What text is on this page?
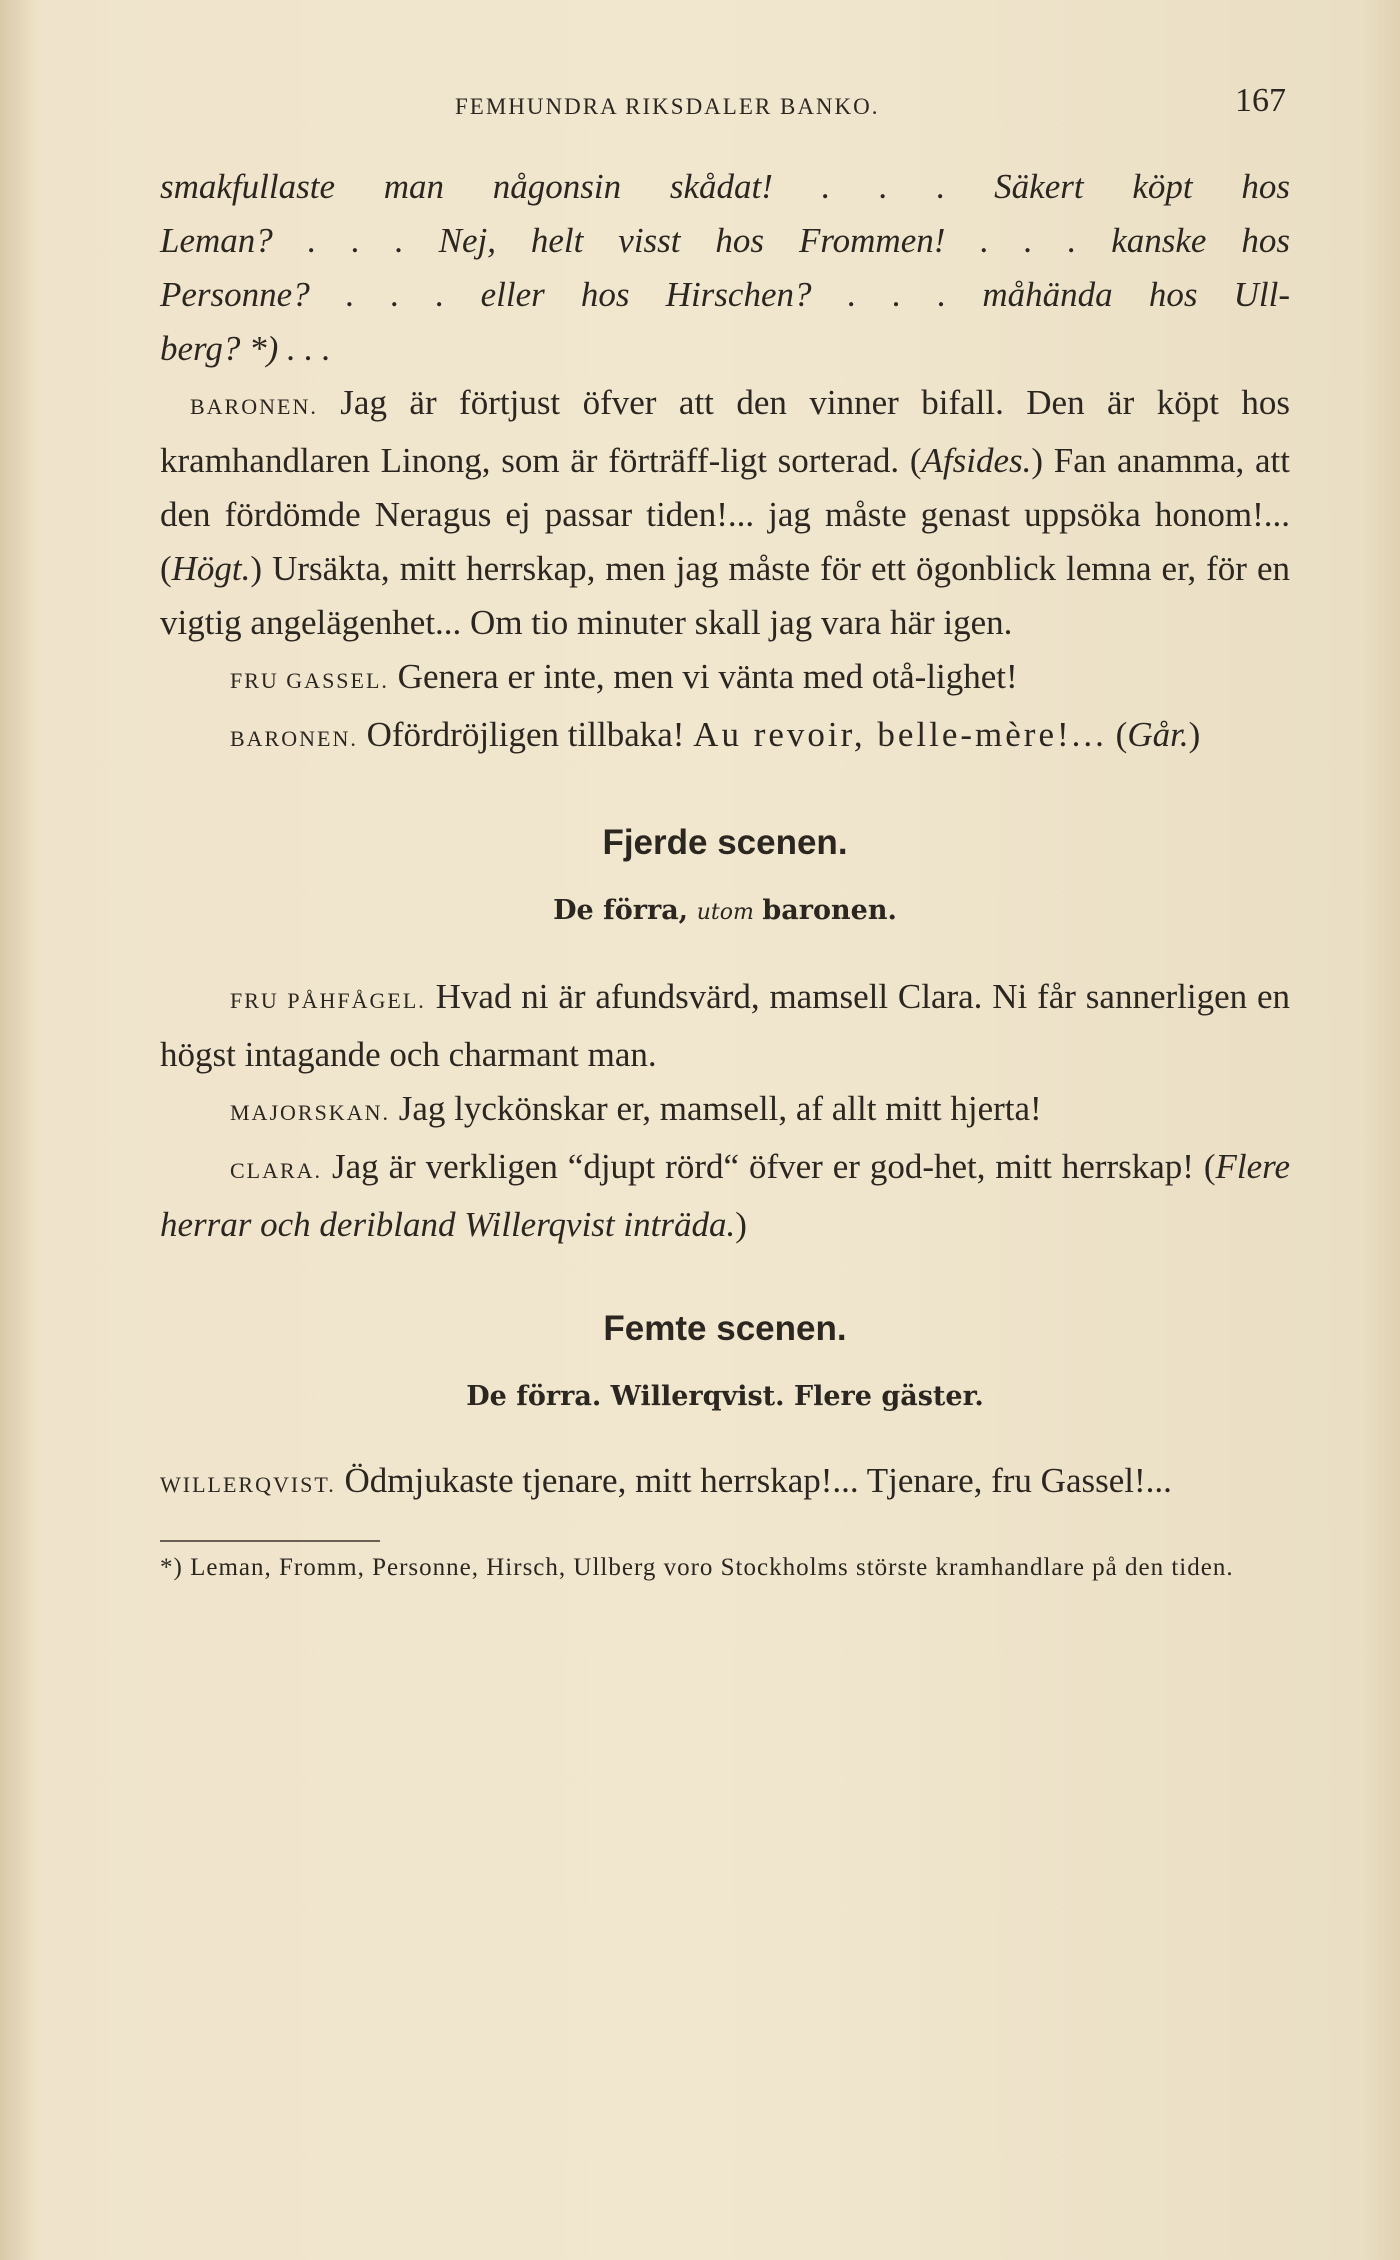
FEMHUNDRA RIKSDALER BANKO.	167
smakfullaste man någonsin skådat! . . . Säkert köpt hos
Leman? . . . Nej, helt visst hos Frommen! . . . kanske hos
Personne? . . . eller hos Hirschen? . . . måhända hos Ull-
berg? *) . . .

BARONEN. Jag är förtjust öfver att den vinner bifall. Den är köpt hos kramhandlaren Linong, som är förträff-ligt sorterad. (Afsides.) Fan anamma, att den fördömde Neragus ej passar tiden!... jag måste genast uppsöka honom!... (Högt.) Ursäkta, mitt herrskap, men jag måste för ett ögonblick lemna er, för en vigtig angelägenhet... Om tio minuter skall jag vara här igen.

FRU GASSEL. Genera er inte, men vi vänta med otå-lighet!

BARONEN. Ofördröjligen tillbaka! Au revoir, belle-mère!... (Går.)

Fjerde scenen.
De förra, utom baronen.

FRU PÅHFÅGEL. Hvad ni är afundsvärd, mamsell Clara. Ni får sannerligen en högst intagande och charmant man.

MAJORSKAN. Jag lyckönskar er, mamsell, af allt mitt hjerta!

CLARA. Jag är verkligen “djupt rörd“ öfver er god-het, mitt herrskap! (Flere herrar och deribland Willerqvist inträda.)

Femte scenen.
De förra. Willerqvist. Flere gäster.

WILLERQVIST. Ödmjukaste tjenare, mitt herrskap!... Tjenare, fru Gassel!...

*) Leman, Fromm, Personne, Hirsch, Ullberg voro Stockholms störste kramhandlare på den tiden.
